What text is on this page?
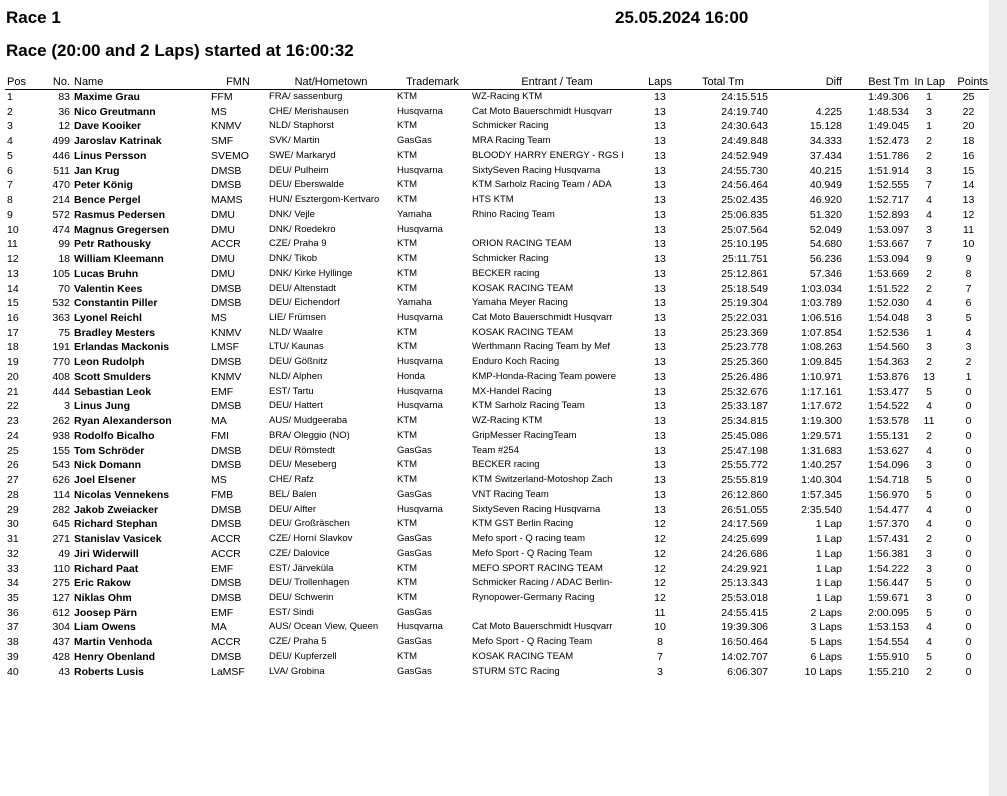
Race 1	25.05.2024 16:00
Race (20:00 and 2 Laps) started at 16:00:32
Pos	No.	Name	FMN	Nat/Hometown	Trademark	Entrant / Team	Laps	Total Tm	Diff	Best Tm	In Lap	Points
1	83	Maxime Grau	FFM	FRA/ sassenburg	KTM	WZ-Racing KTM	13	24:15.515		1:49.306	1	25
2	36	Nico Greutmann	MS	CHE/ Merishausen	Husqvarna	Cat Moto Bauerschmidt Husqvarr	13	24:19.740	4.225	1:48.534	3	22
3	12	Dave Kooiker	KNMV	NLD/ Staphorst	KTM	Schmicker Racing	13	24:30.643	15.128	1:49.045	1	20
4	499	Jaroslav Katrinak	SMF	SVK/ Martin	GasGas	MRA Racing Team	13	24:49.848	34.333	1:52.473	2	18
5	446	Linus Persson	SVEMO	SWE/ Markaryd	KTM	BLOODY HARRY ENERGY - RGS I	13	24:52.949	37.434	1:51.786	2	16
6	511	Jan Krug	DMSB	DEU/ Pulheim	Husqvarna	SixtySeven Racing Husqvarna	13	24:55.730	40.215	1:51.914	3	15
7	470	Peter König	DMSB	DEU/ Eberswalde	KTM	KTM Sarholz Racing Team / ADA	13	24:56.464	40.949	1:52.555	7	14
8	214	Bence Pergel	MAMS	HUN/ Esztergom-Kertvaro	KTM	HTS KTM	13	25:02.435	46.920	1:52.717	4	13
9	572	Rasmus Pedersen	DMU	DNK/ Vejle	Yamaha	Rhino Racing Team	13	25:06.835	51.320	1:52.893	4	12
10	474	Magnus Gregersen	DMU	DNK/ Roedekro	Husqvarna		13	25:07.564	52.049	1:53.097	3	11
11	99	Petr Rathousky	ACCR	CZE/ Praha 9	KTM	ORION RACING TEAM	13	25:10.195	54.680	1:53.667	7	10
12	18	William Kleemann	DMU	DNK/ Tikob	KTM	Schmicker Racing	13	25:11.751	56.236	1:53.094	9	9
13	105	Lucas Bruhn	DMU	DNK/ Kirke Hyllinge	KTM	BECKER racing	13	25:12.861	57.346	1:53.669	2	8
14	70	Valentin Kees	DMSB	DEU/ Altenstadt	KTM	KOSAK RACING TEAM	13	25:18.549	1:03.034	1:51.522	2	7
15	532	Constantin Piller	DMSB	DEU/ Eichendorf	Yamaha	Yamaha Meyer Racing	13	25:19.304	1:03.789	1:52.030	4	6
16	363	Lyonel Reichl	MS	LIE/ Frümsen	Husqvarna	Cat Moto Bauerschmidt Husqvarr	13	25:22.031	1:06.516	1:54.048	3	5
17	75	Bradley Mesters	KNMV	NLD/ Waalre	KTM	KOSAK RACING TEAM	13	25:23.369	1:07.854	1:52.536	1	4
18	191	Erlandas Mackonis	LMSF	LTU/ Kaunas	KTM	Werthmann Racing Team by Mef	13	25:23.778	1:08.263	1:54.560	3	3
19	770	Leon Rudolph	DMSB	DEU/ Gößnitz	Husqvarna	Enduro Koch Racing	13	25:25.360	1:09.845	1:54.363	2	2
20	408	Scott Smulders	KNMV	NLD/ Alphen	Honda	KMP-Honda-Racing Team powere	13	25:26.486	1:10.971	1:53.876	13	1
21	444	Sebastian Leok	EMF	EST/ Tartu	Husqvarna	MX-Handel Racing	13	25:32.676	1:17.161	1:53.477	5	0
22	3	Linus Jung	DMSB	DEU/ Hattert	Husqvarna	KTM Sarholz Racing Team	13	25:33.187	1:17.672	1:54.522	4	0
23	262	Ryan Alexanderson	MA	AUS/ Mudgeeraba	KTM	WZ-Racing KTM	13	25:34.815	1:19.300	1:53.578	11	0
24	938	Rodolfo Bicalho	FMI	BRA/ Oleggio (NO)	KTM	GripMesser RacingTeam	13	25:45.086	1:29.571	1:55.131	2	0
25	155	Tom Schröder	DMSB	DEU/ Römstedt	GasGas	Team #254	13	25:47.198	1:31.683	1:53.627	4	0
26	543	Nick Domann	DMSB	DEU/ Meseberg	KTM	BECKER racing	13	25:55.772	1:40.257	1:54.096	3	0
27	626	Joel Elsener	MS	CHE/ Rafz	KTM	KTM Switzerland-Motoshop Zach	13	25:55.819	1:40.304	1:54.718	5	0
28	114	Nicolas Vennekens	FMB	BEL/ Balen	GasGas	VNT Racing Team	13	26:12.860	1:57.345	1:56.970	5	0
29	282	Jakob Zweiacker	DMSB	DEU/ Alfter	Husqvarna	SixtySeven Racing Husqvarna	13	26:51.055	2:35.540	1:54.477	4	0
30	645	Richard Stephan	DMSB	DEU/ Großräschen	KTM	KTM GST Berlin Racing	12	24:17.569	1 Lap	1:57.370	4	0
31	271	Stanislav Vasicek	ACCR	CZE/ Horní Slavkov	GasGas	Mefo sport - Q racing team	12	24:25.699	1 Lap	1:57.431	2	0
32	49	Jiri Widerwill	ACCR	CZE/ Dalovice	GasGas	Mefo Sport - Q Racing Team	12	24:26.686	1 Lap	1:56.381	3	0
33	110	Richard Paat	EMF	EST/ Järveküla	KTM	MEFO SPORT RACING TEAM	12	24:29.921	1 Lap	1:54.222	3	0
34	275	Eric Rakow	DMSB	DEU/ Trollenhagen	KTM	Schmicker Racing / ADAC Berlin-	12	25:13.343	1 Lap	1:56.447	5	0
35	127	Niklas Ohm	DMSB	DEU/ Schwerin	KTM	Rynopower-Germany Racing	12	25:53.018	1 Lap	1:59.671	3	0
36	612	Joosep Pärn	EMF	EST/ Sindi	GasGas		11	24:55.415	2 Laps	2:00.095	5	0
37	304	Liam Owens	MA	AUS/ Ocean View, Queen	Husqvarna	Cat Moto Bauerschmidt Husqvarr	10	19:39.306	3 Laps	1:53.153	4	0
38	437	Martin Venhoda	ACCR	CZE/ Praha 5	GasGas	Mefo Sport - Q Racing Team	8	16:50.464	5 Laps	1:54.554	4	0
39	428	Henry Obenland	DMSB	DEU/ Kupferzell	KTM	KOSAK RACING TEAM	7	14:02.707	6 Laps	1:55.910	5	0
40	43	Roberts Lusis	LaMSF	LVA/ Grobina	GasGas	STURM STC Racing	3	6:06.307	10 Laps	1:55.210	2	0
